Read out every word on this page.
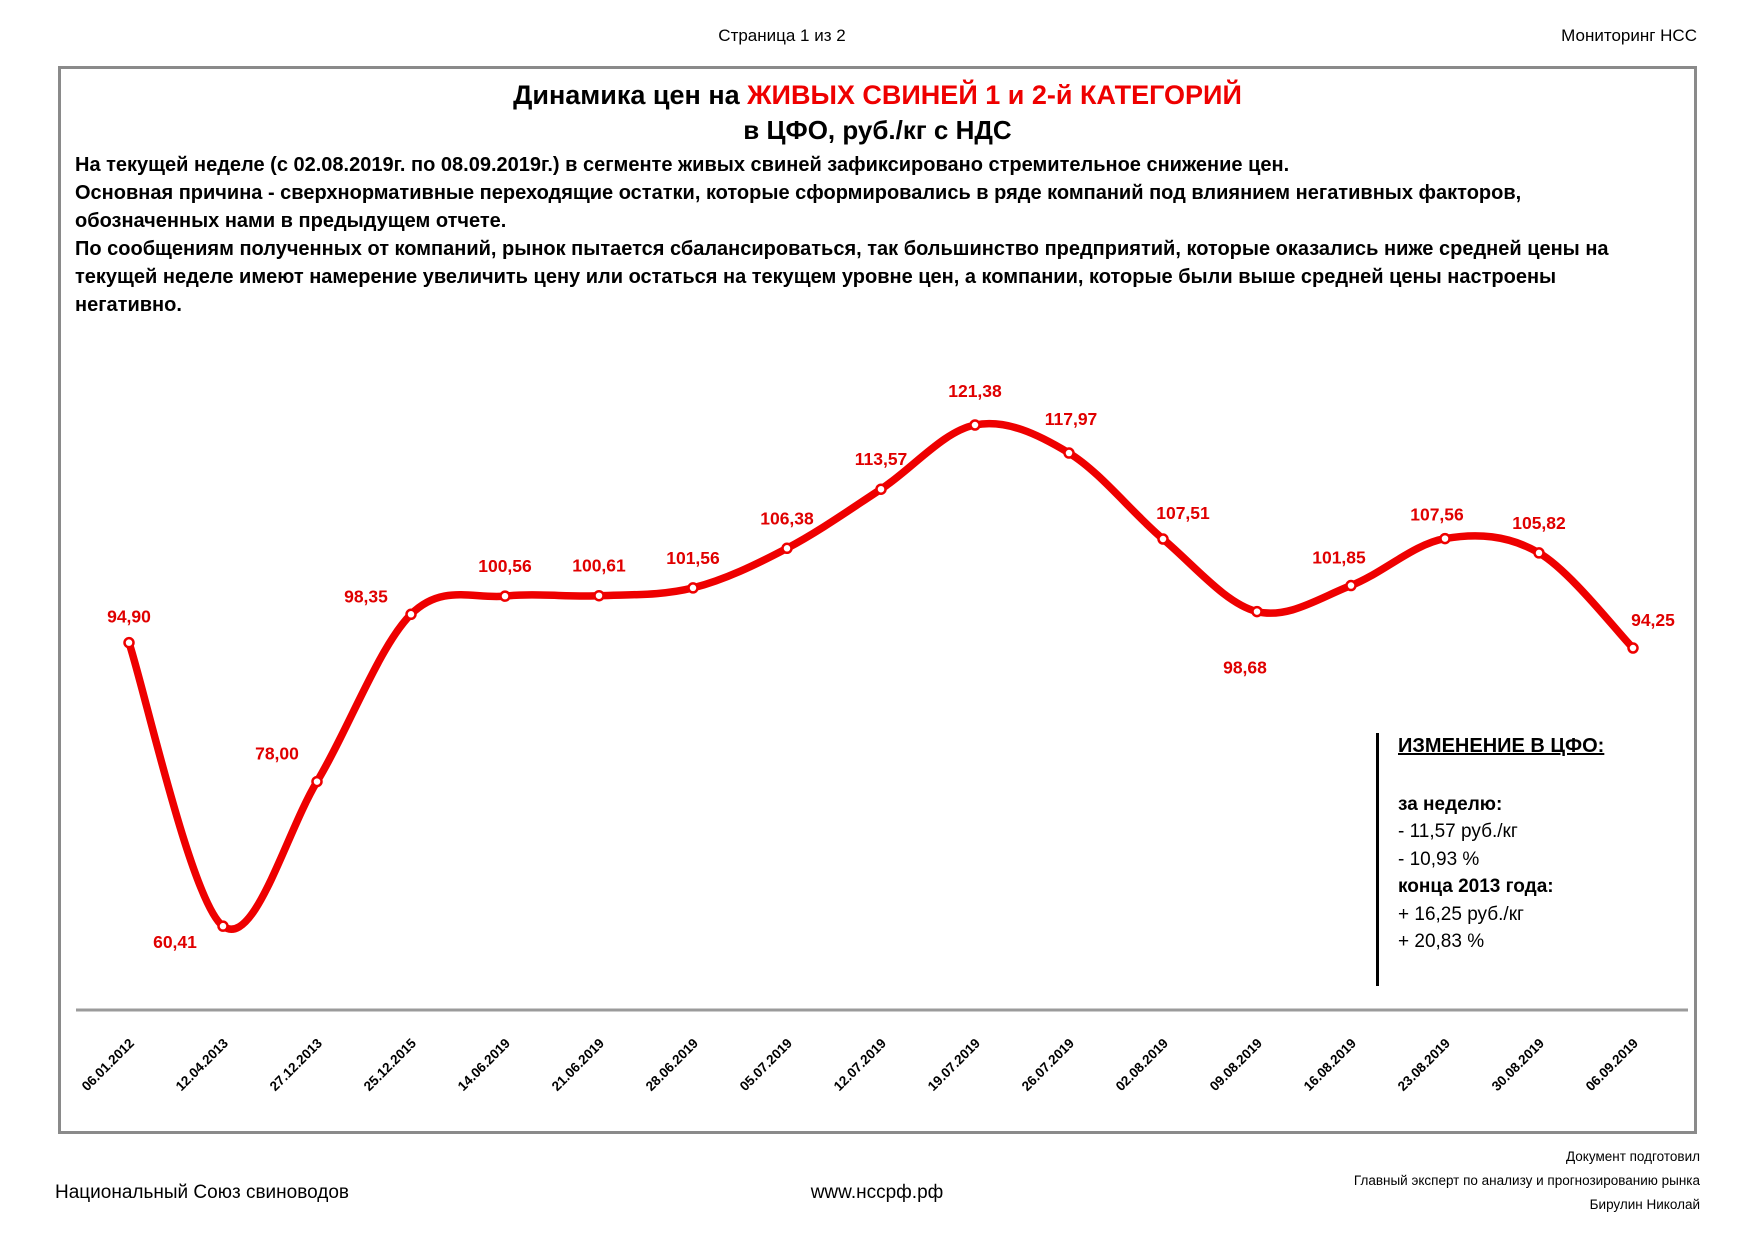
Страница 1 из 2	Мониторинг НСС
Динамика цен на ЖИВЫХ СВИНЕЙ 1 и 2-й КАТЕГОРИЙ
в ЦФО, руб./кг с НДС

На текущей неделе (с 02.08.2019г. по 08.09.2019г.) в сегменте живых свиней зафиксировано стремительное снижение цен.

Основная причина - сверхнормативные переходящие остатки, которые сформировались в ряде компаний под влиянием негативных факторов, обозначенных нами в предыдущем отчете.

По сообщениям полученных от компаний, рынок пытается сбалансироваться, так большинство предприятий, которые оказались ниже средней цены на текущей неделе имеют намерение увеличить цену или остаться на текущем уровне цен, а компании, которые были выше средней цены настроены негативно.

94,90
60,41
78,00
98,35
100,56 100,61 101,56
106,38
113,57
121,38
117,97
107,51
98,68
101,85
107,56	105,82
94,25
06.01.2012	12.04.2013	27.12.2013	25.12.2015	14.06.2019	21.06.2019	28.06.2019	05.07.2019	12.07.2019	19.07.2019	26.07.2019	02.08.2019	09.08.2019	16.08.2019	23.08.2019	30.08.2019	06.09.2019
ИЗМЕНЕНИЕ В ЦФО:
за неделю:
- 11,57 руб./кг
- 10,93 %
конца 2013 года:
+ 16,25 руб./кг
+ 20,83 %
Национальный Союз свиноводов	www.нссрф.рф
Документ подготовил
Главный эксперт по анализу и прогнозированию рынка
Бирулин Николай
